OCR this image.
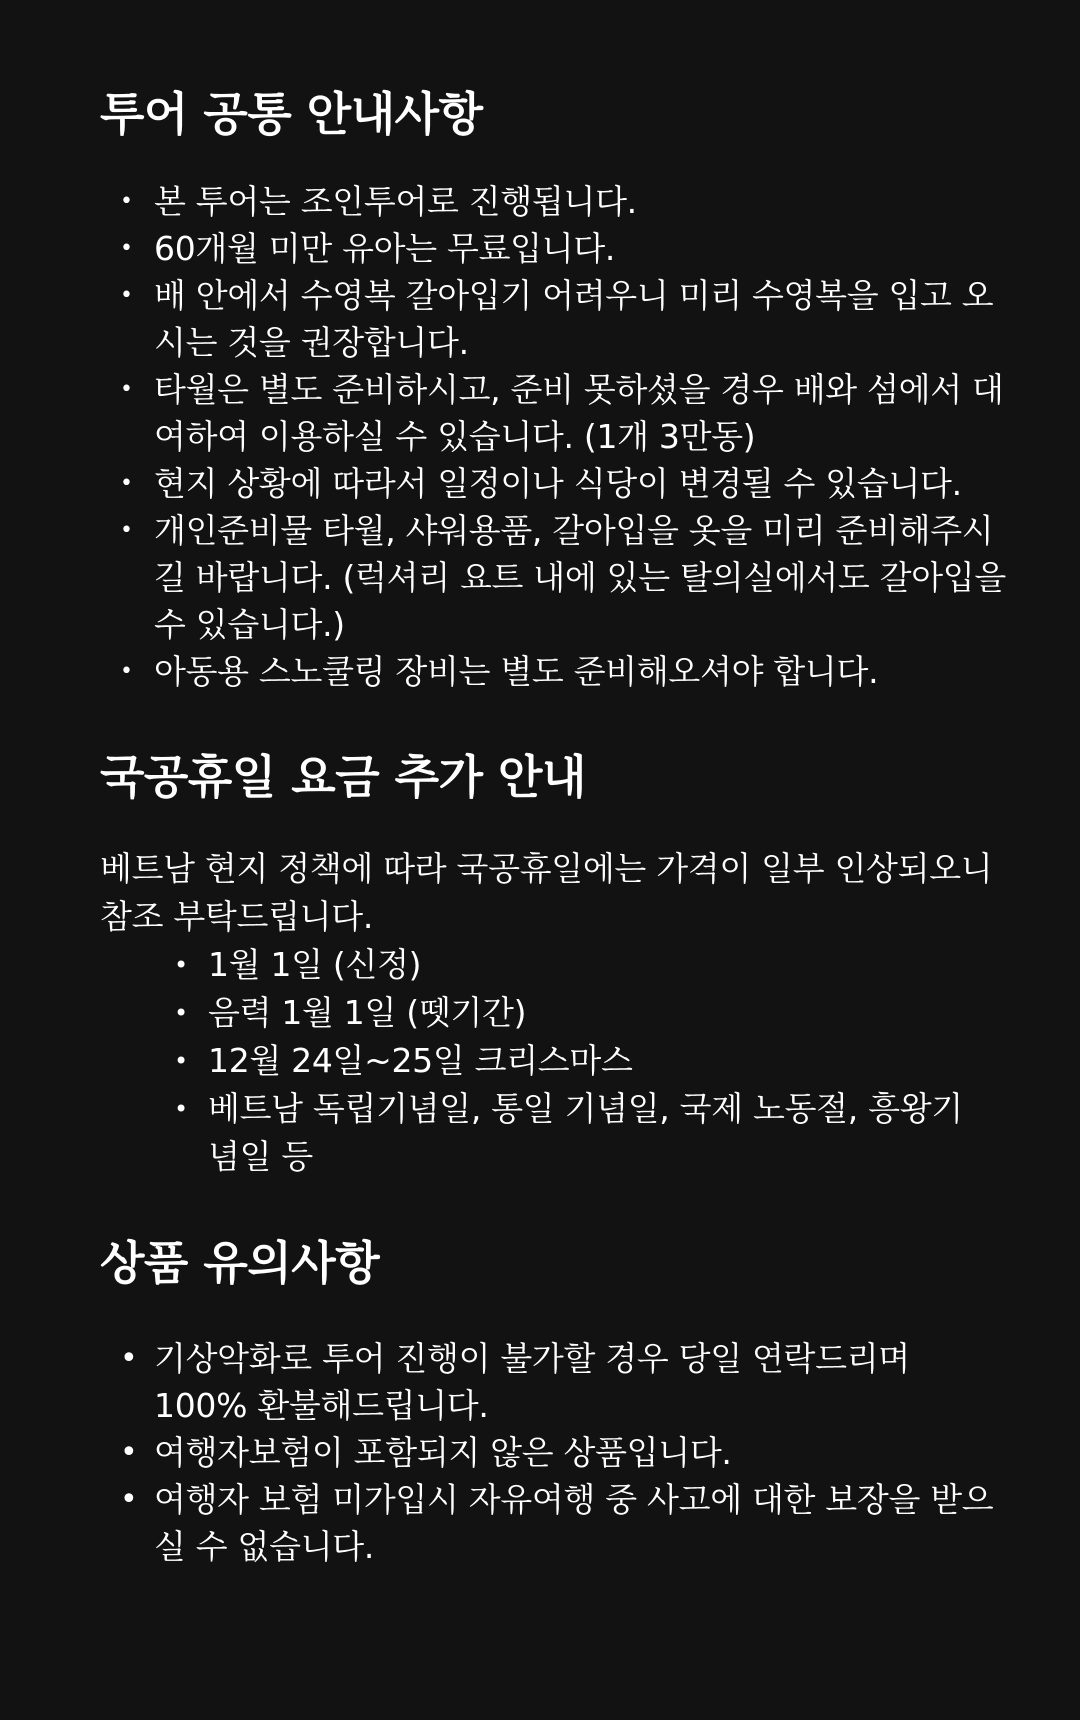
투어 공통 안내사항
• 본 투어는 조인투어로 진행됩니다.
• 60개월 미만 유아는 무료입니다.
• 배 안에서 수영복 갈아입기 어려우니 미리 수영복을 입고 오시는 것을 권장합니다.
• 타월은 별도 준비하시고, 준비 못하셨을 경우 배와 섬에서 대여하여 이용하실 수 있습니다. (1개 3만동)
• 현지 상황에 따라서 일정이나 식당이 변경될 수 있습니다.
• 개인준비물 타월, 샤워용품, 갈아입을 옷을 미리 준비해주시길 바랍니다. (럭셔리 요트 내에 있는 탈의실에서도 갈아입을 수 있습니다.)
• 아동용 스노쿨링 장비는 별도 준비해오셔야 합니다.
국공휴일 요금 추가 안내

베트남 현지 정책에 따라 국공휴일에는 가격이 일부 인상되오니 참조 부탁드립니다.

• 1월 1일 (신정)
• 음력 1월 1일 (뗏기간)
• 12월 24일~25일 크리스마스
• 베트남 독립기념일, 통일 기념일, 국제 노동절, 흥왕기념일 등
상품 유의사항
• 기상악화로 투어 진행이 불가할 경우 당일 연락드리며 100% 환불해드립니다.
• 여행자보험이 포함되지 않은 상품입니다.
• 여행자 보험 미가입시 자유여행 중 사고에 대한 보장을 받으실 수 없습니다.
